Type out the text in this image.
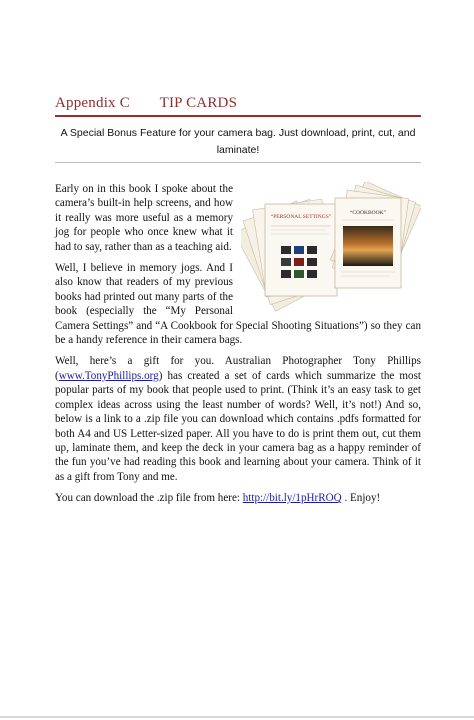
Appendix C TIP CARDS
A Special Bonus Feature for your camera bag. Just download, print, cut, and laminate!
“PERSONAL SETTINGS”
“COOKBOOK”

Early on in this book I spoke about the camera’s built-in help screens, and how it really was more useful as a memory jog for people who once knew what it had to say, rather than as a teaching aid.

Well, I believe in memory jogs. And I also know that readers of my previous books had printed out many parts of the book (especially the “My Personal Camera Settings” and “A Cookbook for Special Shooting Situations”) so they can be a handy reference in their camera bags.

Well, here’s a gift for you. Australian Photographer Tony Phillips (www.TonyPhillips.org) has created a set of cards which summarize the most popular parts of my book that people used to print. (Think it’s an easy task to get complex ideas across using the least number of words? Well, it’s not!) And so, below is a link to a .zip file you can download which contains .pdfs formatted for both A4 and US Letter-sized paper. All you have to do is print them out, cut them up, laminate them, and keep the deck in your camera bag as a happy reminder of the fun you’ve had reading this book and learning about your camera. Think of it as a gift from Tony and me.

You can download the .zip file from here: http://bit.ly/1pHrROQ . Enjoy!
